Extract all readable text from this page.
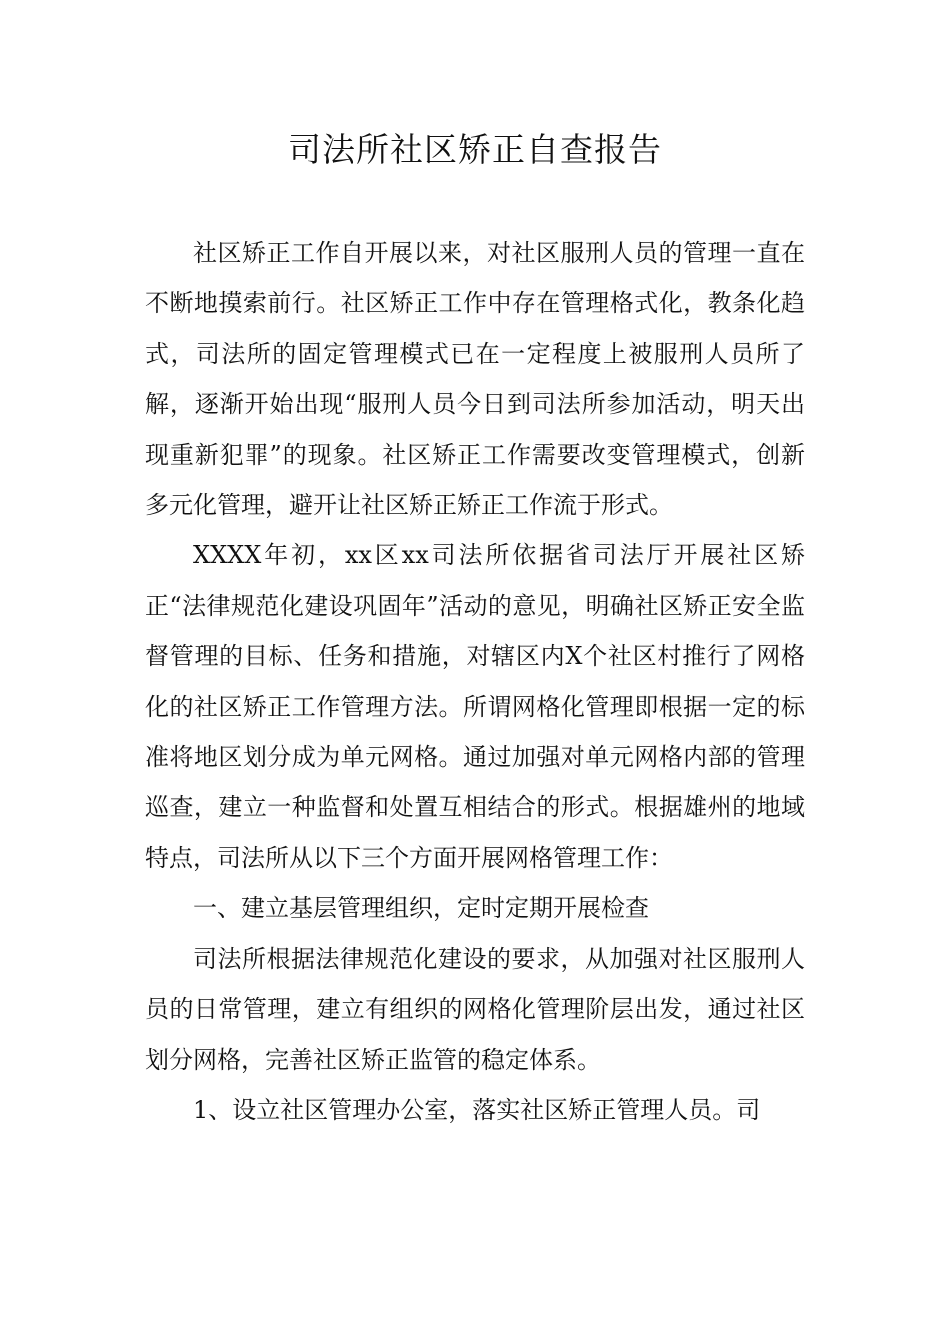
司法所社区矫正自查报告

社区矫正工作自开展以来，对社区服刑人员的管理一直在不断地摸索前行。社区矫正工作中存在管理格式化，教条化趋式，司法所的固定管理模式已在一定程度上被服刑人员所了解，逐渐开始出现“服刑人员今日到司法所参加活动，明天出现重新犯罪”的现象。社区矫正工作需要改变管理模式，创新多元化管理，避开让社区矫正矫正工作流于形式。

XXXX年初，xx区xx司法所依据省司法厅开展社区矫正“法律规范化建设巩固年”活动的意见，明确社区矫正安全监督管理的目标、任务和措施，对辖区内X个社区村推行了网格化的社区矫正工作管理方法。所谓网格化管理即根据一定的标准将地区划分成为单元网格。通过加强对单元网格内部的管理巡查，建立一种监督和处置互相结合的形式。根据雄州的地域特点，司法所从以下三个方面开展网格管理工作：

一、建立基层管理组织，定时定期开展检查

司法所根据法律规范化建设的要求，从加强对社区服刑人员的日常管理，建立有组织的网格化管理阶层出发，通过社区划分网格，完善社区矫正监管的稳定体系。

1、设立社区管理办公室，落实社区矫正管理人员。司
